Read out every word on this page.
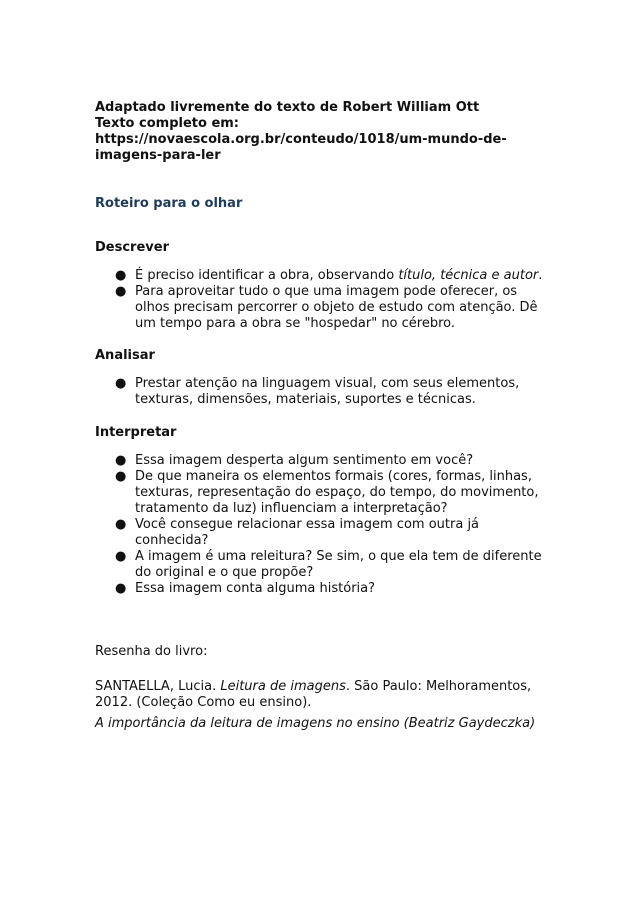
Adaptado livremente do texto de Robert William Ott

Texto completo em:

https://novaescola.org.br/conteudo/1018/um-mundo-de-imagens-para-ler

Roteiro para o olhar

Descrever

● É preciso identificar a obra, observando título, técnica e autor.
● Para aproveitar tudo o que uma imagem pode oferecer, os olhos precisam percorrer o objeto de estudo com atenção. Dê um tempo para a obra se "hospedar" no cérebro.

Analisar

● Prestar atenção na linguagem visual, com seus elementos, texturas, dimensões, materiais, suportes e técnicas.

Interpretar

● Essa imagem desperta algum sentimento em você?
● De que maneira os elementos formais (cores, formas, linhas, texturas, representação do espaço, do tempo, do movimento, tratamento da luz) influenciam a interpretação?
● Você consegue relacionar essa imagem com outra já conhecida?
● A imagem é uma releitura? Se sim, o que ela tem de diferente do original e o que propõe?
● Essa imagem conta alguma história?

Resenha do livro:

SANTAELLA, Lucia. Leitura de imagens. São Paulo: Melhoramentos, 2012. (Coleção Como eu ensino).

A importância da leitura de imagens no ensino (Beatriz Gaydeczka)
